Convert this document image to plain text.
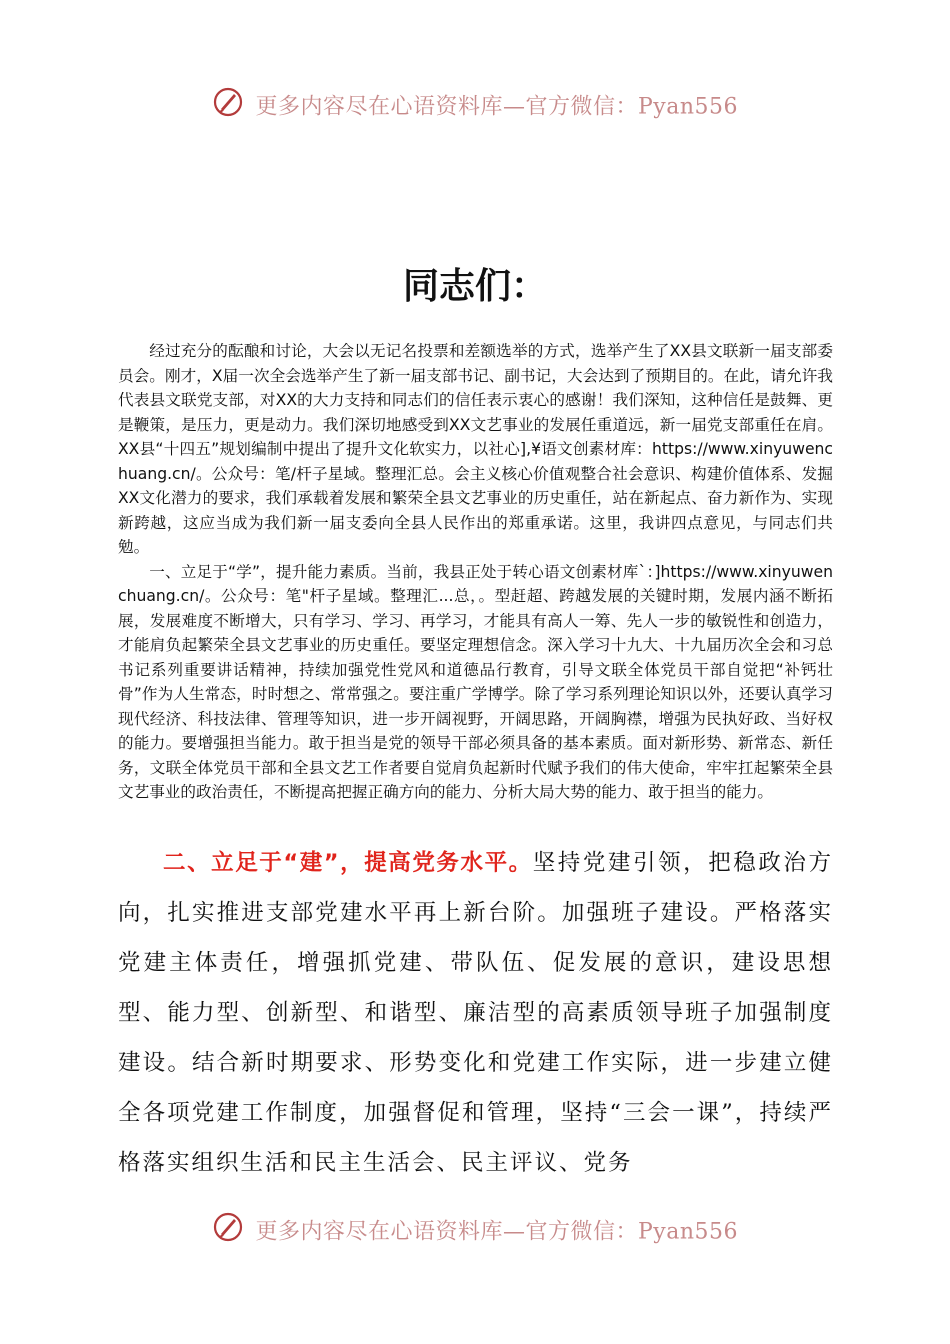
更多内容尽在心语资料库—官方微信：Pyan556
同志们：

经过充分的酝酿和讨论，大会以无记名投票和差额选举的方式，选举产生了XX县文联新一届支部委员会。刚才，X届一次全会选举产生了新一届支部书记、副书记，大会达到了预期目的。在此，请允许我代表县文联党支部，对XX的大力支持和同志们的信任表示衷心的感谢！我们深知，这种信任是鼓舞、更是鞭策，是压力，更是动力。我们深切地感受到XX文艺事业的发展任重道远，新一届党支部重任在肩。XX县“十四五”规划编制中提出了提升文化软实力，以社心],¥语文创素材库：https://www.xinyuwenchuang.cn/。公众号：笔/杆子星域。整理汇总。会主义核心价值观整合社会意识、构建价值体系、发掘XX文化潜力的要求，我们承载着发展和繁荣全县文艺事业的历史重任，站在新起点、奋力新作为、实现新跨越，这应当成为我们新一届支委向全县人民作出的郑重承诺。这里，我讲四点意见，与同志们共勉。

一、立足于“学”，提升能力素质。当前，我县正处于转心语文创素材库`：]https://www.xinyuwenchuang.cn/。公众号：笔"杆子星域。整理汇...总，。型赶超、跨越发展的关键时期，发展内涵不断拓展，发展难度不断增大，只有学习、学习、再学习，才能具有高人一筹、先人一步的敏锐性和创造力，才能肩负起繁荣全县文艺事业的历史重任。要坚定理想信念。深入学习十九大、十九届历次全会和习总书记系列重要讲话精神，持续加强党性党风和道德品行教育，引导文联全体党员干部自觉把“补钙壮骨”作为人生常态，时时想之、常常强之。要注重广学博学。除了学习系列理论知识以外，还要认真学习现代经济、科技法律、管理等知识，进一步开阔视野，开阔思路，开阔胸襟，增强为民执好政、当好权的能力。要增强担当能力。敢于担当是党的领导干部必须具备的基本素质。面对新形势、新常态、新任务，文联全体党员干部和全县文艺工作者要自觉肩负起新时代赋予我们的伟大使命，牢牢扛起繁荣全县文艺事业的政治责任，不断提高把握正确方向的能力、分析大局大势的能力、敢于担当的能力。

二、立足于“建”，提高党务水平。坚持党建引领，把稳政治方向，扎实推进支部党建水平再上新台阶。加强班子建设。严格落实党建主体责任，增强抓党建、带队伍、促发展的意识，建设思想型、能力型、创新型、和谐型、廉洁型的高素质领导班子加强制度建设。结合新时期要求、形势变化和党建工作实际，进一步建立健全各项党建工作制度，加强督促和管理，坚持“三会一课”，持续严格落实组织生活和民主生活会、民主评议、党务

更多内容尽在心语资料库—官方微信：Pyan556
